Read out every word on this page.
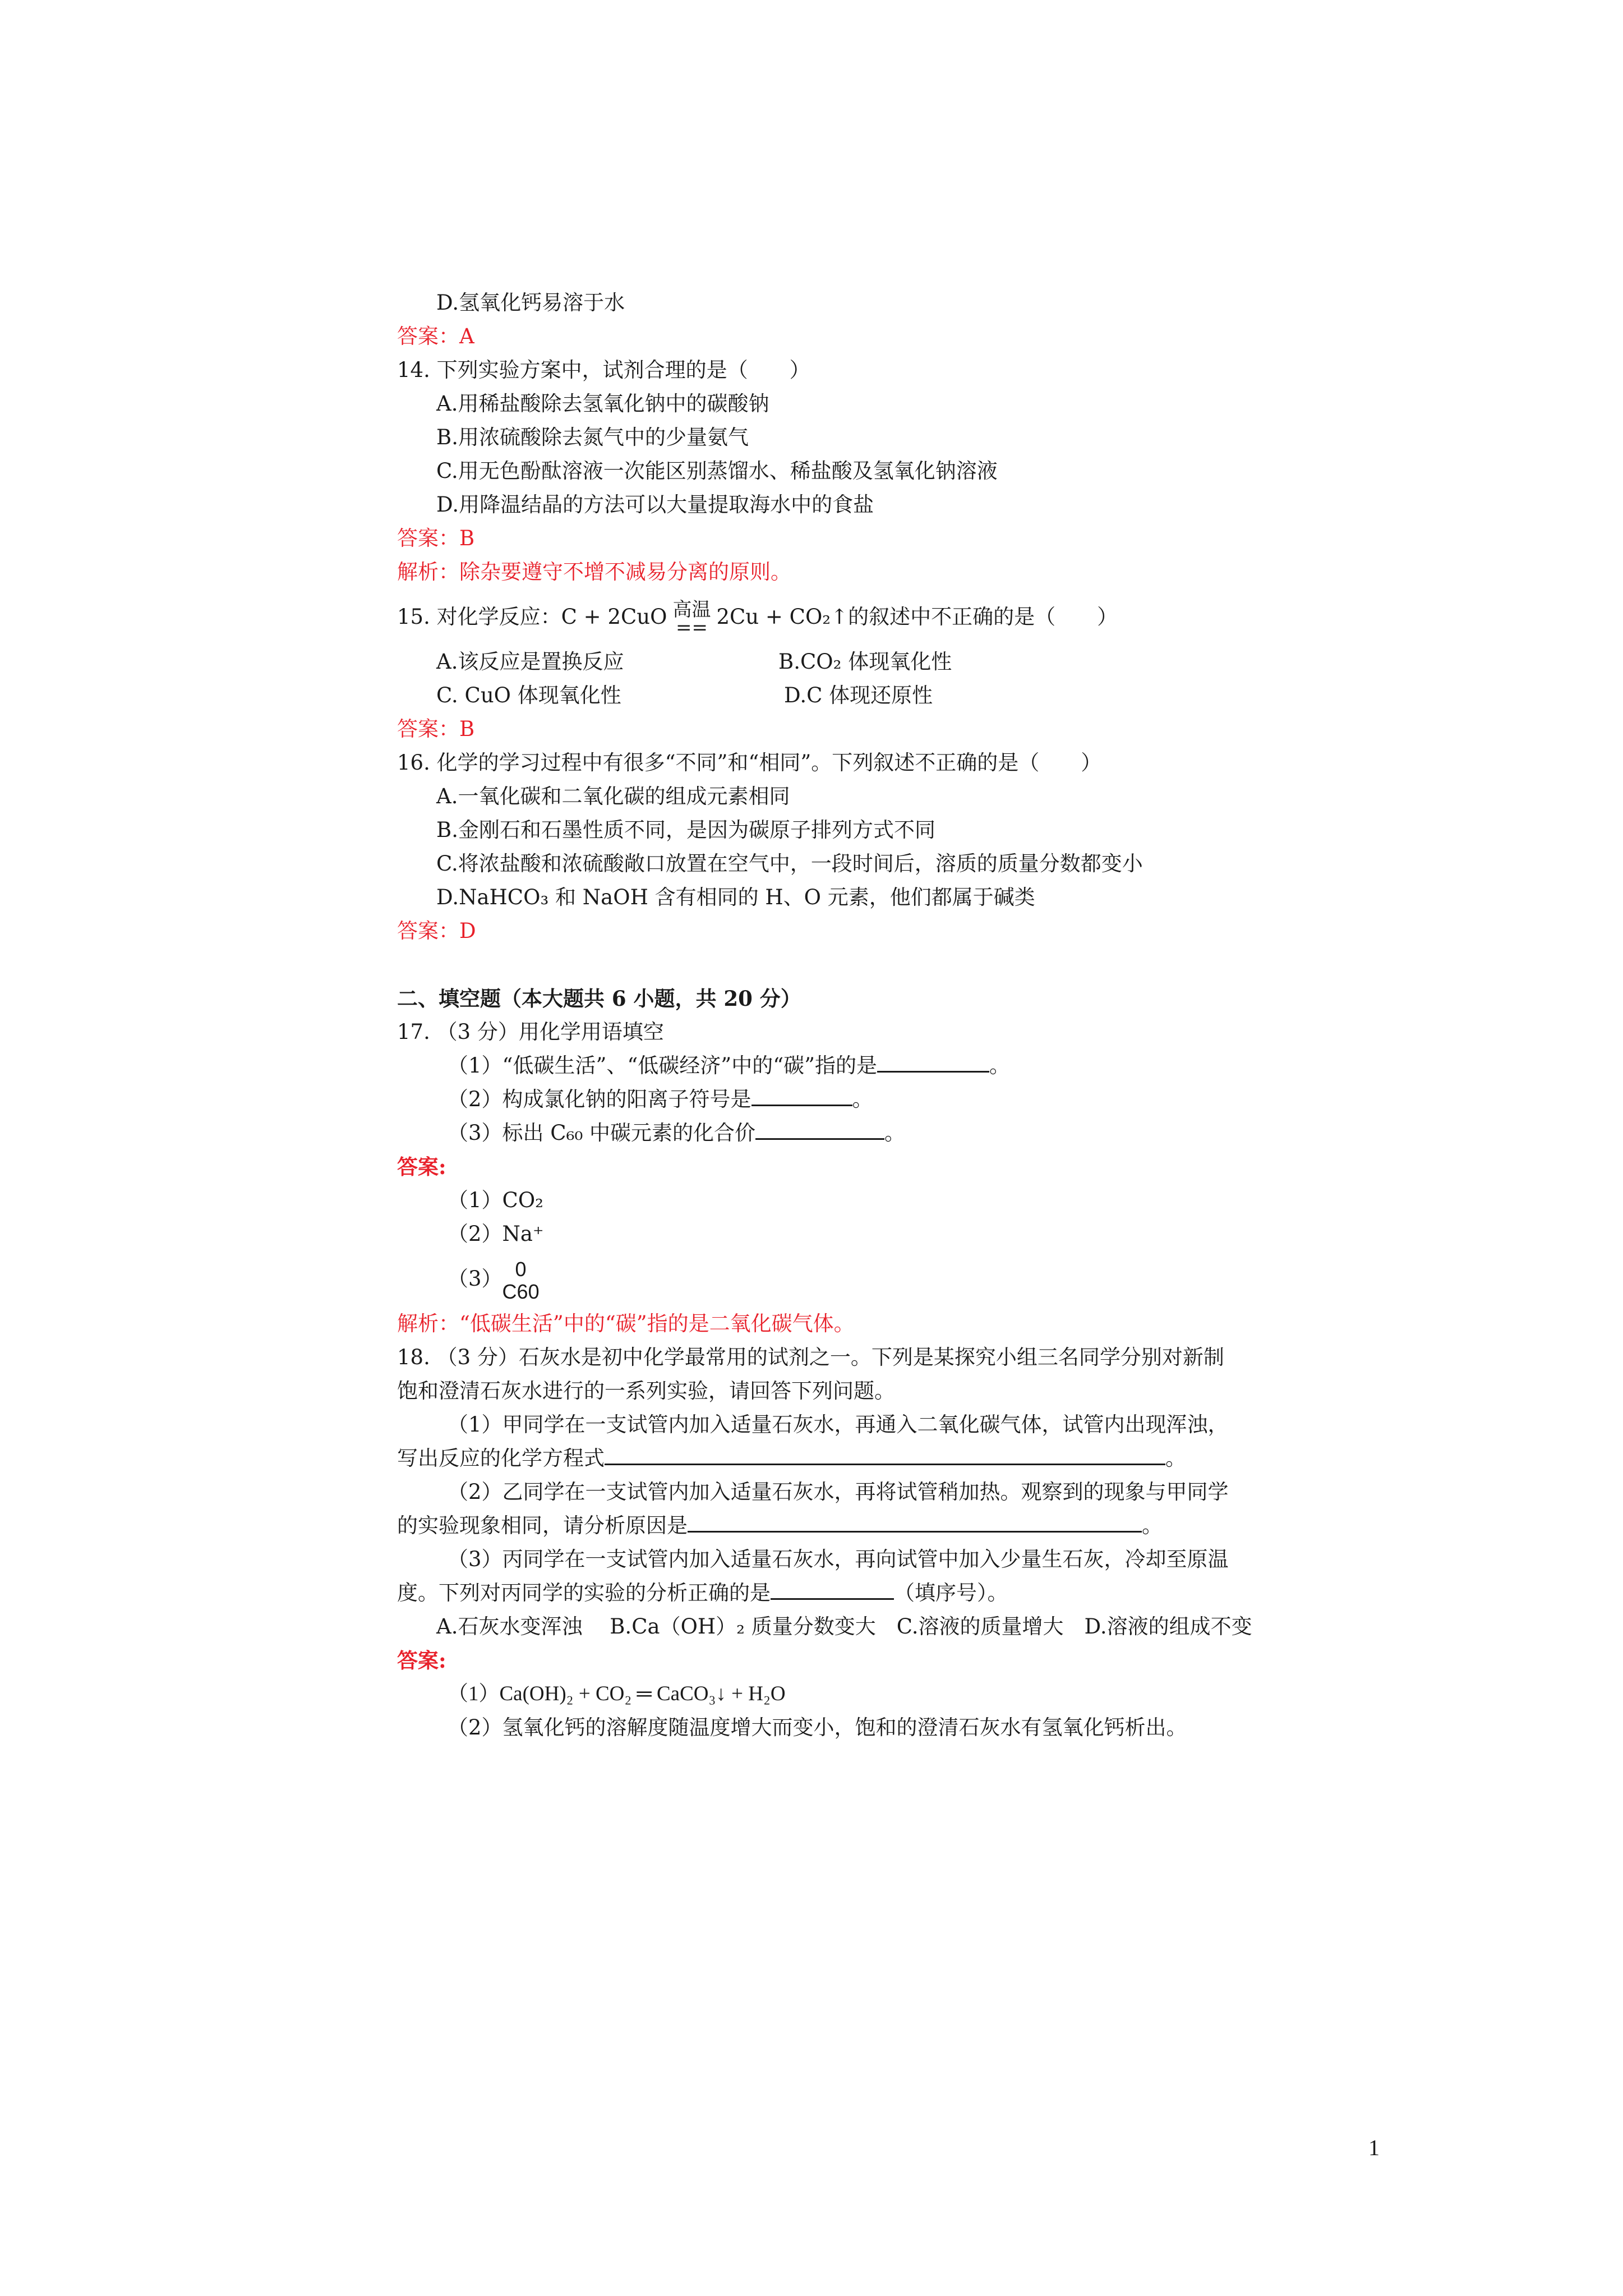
D.氢氧化钙易溶于水
答案：A
14. 下列实验方案中，试剂合理的是（　　）
A.用稀盐酸除去氢氧化钠中的碳酸钠
B.用浓硫酸除去氮气中的少量氨气
C.用无色酚酞溶液一次能区别蒸馏水、稀盐酸及氢氧化钠溶液
D.用降温结晶的方法可以大量提取海水中的食盐
答案：B
解析：除杂要遵守不增不减易分离的原则。
15. 对化学反应：C + 2CuO 高温
== 2Cu + CO₂↑的叙述中不正确的是（　　）
A.该反应是置换反应	B.CO₂ 体现氧化性
C. CuO 体现氧化性	D.C 体现还原性
答案：B
16. 化学的学习过程中有很多“不同”和“相同”。下列叙述不正确的是（　　）
A.一氧化碳和二氧化碳的组成元素相同
B.金刚石和石墨性质不同，是因为碳原子排列方式不同
C.将浓盐酸和浓硫酸敞口放置在空气中，一段时间后，溶质的质量分数都变小
D.NaHCO₃ 和 NaOH 含有相同的 H、O 元素，他们都属于碱类
答案：D
二、填空题（本大题共 6 小题，共 20 分）
17. （3 分）用化学用语填空
（1）“低碳生活”、“低碳经济”中的“碳”指的是	。
（2）构成氯化钠的阳离子符号是	。
（3）标出 C₆₀ 中碳元素的化合价	。
答案:
（1）CO₂
（2）Na⁺
（3） 0
C60
解析：“低碳生活”中的“碳”指的是二氧化碳气体。
18. （3 分）石灰水是初中化学最常用的试剂之一。下列是某探究小组三名同学分别对新制
饱和澄清石灰水进行的一系列实验，请回答下列问题。
（1）甲同学在一支试管内加入适量石灰水，再通入二氧化碳气体，试管内出现浑浊，
写出反应的化学方程式	。
（2）乙同学在一支试管内加入适量石灰水，再将试管稍加热。观察到的现象与甲同学
的实验现象相同，请分析原因是	。
（3）丙同学在一支试管内加入适量石灰水，再向试管中加入少量生石灰，冷却至原温
度。下列对丙同学的实验的分析正确的是	（填序号）。
A.石灰水变浑浊　 B.Ca（OH）₂ 质量分数变大　C.溶液的质量增大　D.溶液的组成不变
答案:
（1）Ca(OH)₂ + CO₂ ═ CaCO₃↓ + H₂O
（2）氢氧化钙的溶解度随温度增大而变小，饱和的澄清石灰水有氢氧化钙析出。
1
